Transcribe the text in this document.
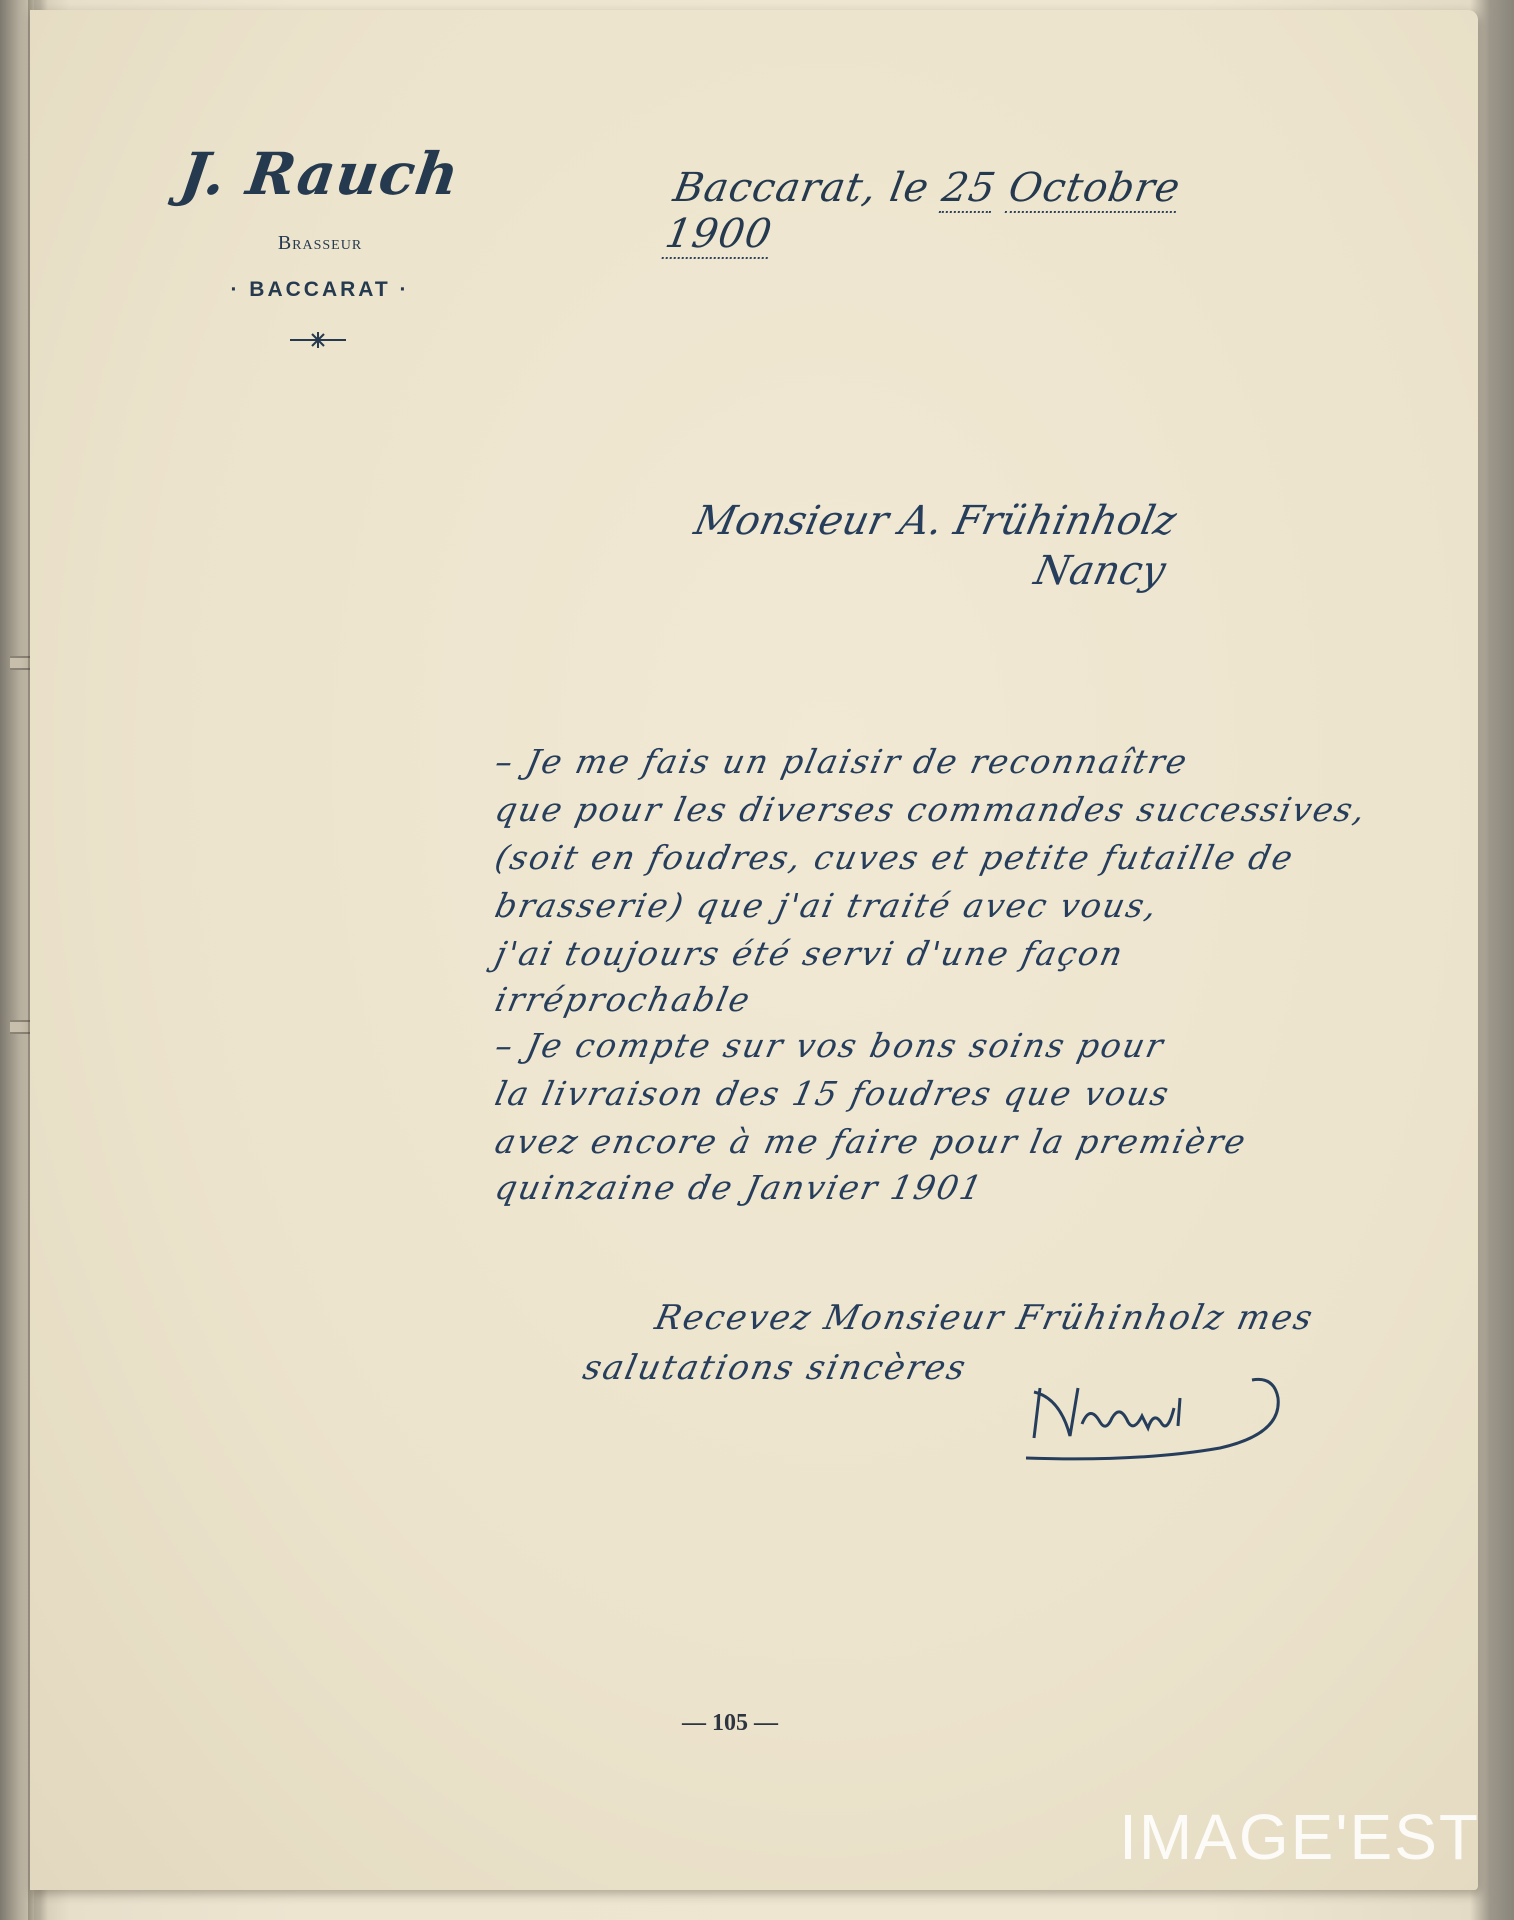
J. Rauch
Brasseur
· BACCARAT ·
Baccarat, le 25 Octobre 1900
Monsieur A. Frühinholz
Nancy
– Je me fais un plaisir de reconnaître
que pour les diverses commandes successives,
(soit en foudres, cuves et petite futaille de
brasserie) que j'ai traité avec vous,
j'ai toujours été servi d'une façon
irréprochable
– Je compte sur vos bons soins pour
la livraison des 15 foudres que vous
avez encore à me faire pour la première
quinzaine de Janvier 1901
Recevez Monsieur Frühinholz mes
salutations sincères
— 105 —
IMAGE'EST
